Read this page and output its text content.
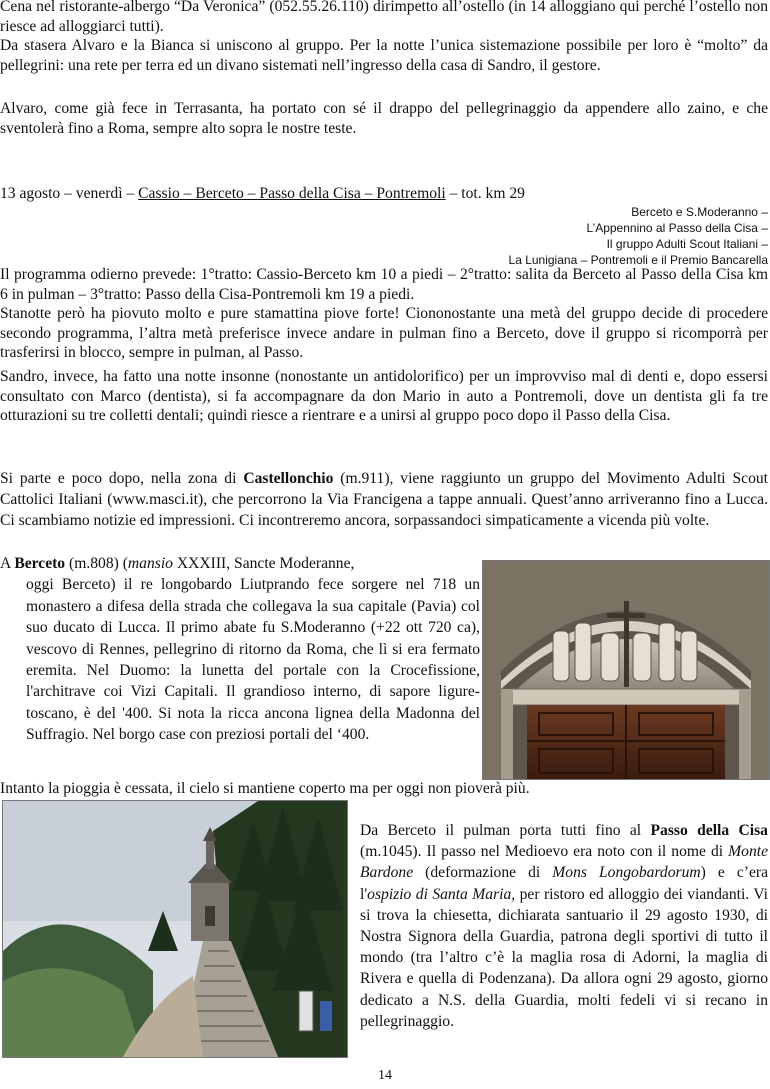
Cena nel ristorante-albergo “Da Veronica” (052.55.26.110) dirimpetto all’ostello (in 14 alloggiano qui perché l’ostello non riesce ad alloggiarci tutti).

Da stasera Alvaro e la Bianca si uniscono al gruppo. Per la notte l’unica sistemazione possibile per loro è “molto” da pellegrini: una rete per terra ed un divano sistemati nell’ingresso della casa di Sandro, il gestore.

Alvaro, come già fece in Terrasanta, ha portato con sé il drappo del pellegrinaggio da appendere allo zaino, e che sventolerà fino a Roma, sempre alto sopra le nostre teste.

13 agosto – venerdì – Cassio – Berceto – Passo della Cisa – Pontremoli – tot. km 29
Berceto e S.Moderanno –
L’Appennino al Passo della Cisa –
Il gruppo Adulti Scout Italiani –
La Lunigiana – Pontremoli e il Premio Bancarella

Il programma odierno prevede: 1°tratto: Cassio-Berceto km 10 a piedi – 2°tratto: salita da Berceto al Passo della Cisa km 6 in pulman – 3°tratto: Passo della Cisa-Pontremoli km 19 a piedi.

Stanotte però ha piovuto molto e pure stamattina piove forte! Ciononostante una metà del gruppo decide di procedere secondo programma, l’altra metà preferisce invece andare in pulman fino a Berceto, dove il gruppo si ricomporrà per trasferirsi in blocco, sempre in pulman, al Passo.

Sandro, invece, ha fatto una notte insonne (nonostante un antidolorifico) per un improvviso mal di denti e, dopo essersi consultato con Marco (dentista), si fa accompagnare da don Mario in auto a Pontremoli, dove un dentista gli fa tre otturazioni su tre colletti dentali; quindi riesce a rientrare e a unirsi al gruppo poco dopo il Passo della Cisa.

Si parte e poco dopo, nella zona di Castellonchio (m.911), viene raggiunto un gruppo del Movimento Adulti Scout Cattolici Italiani (www.masci.it), che percorrono la Via Francigena a tappe annuali. Quest’anno arriveranno fino a Lucca. Ci scambiamo notizie ed impressioni. Ci incontreremo ancora, sorpassandoci simpaticamente a vicenda più volte.

A Berceto (m.808) (mansio XXXIII, Sancte Moderanne,
oggi Berceto) il re longobardo Liutprando fece sorgere nel 718 un monastero a difesa della strada che collegava la sua capitale (Pavia) col suo ducato di Lucca. Il primo abate fu S.Moderanno (+22 ott 720 ca), vescovo di Rennes, pellegrino di ritorno da Roma, che lì si era fermato eremita. Nel Duomo: la lunetta del portale con la Crocefissione, l'architrave coi Vizi Capitali. Il grandioso interno, di sapore ligure-toscano, è del '400. Si nota la ricca ancona lignea della Madonna del Suffragio. Nel borgo case con preziosi portali del ‘400.

Intanto la pioggia è cessata, il cielo si mantiene coperto ma per oggi non pioverà più.

Da Berceto il pulman porta tutti fino al Passo della Cisa (m.1045). Il passo nel Medioevo era noto con il nome di Monte Bardone (deformazione di Mons Longobardorum) e c’era l'ospizio di Santa Maria, per ristoro ed alloggio dei viandanti. Vi si trova la chiesetta, dichiarata santuario il 29 agosto 1930, di Nostra Signora della Guardia, patrona degli sportivi di tutto il mondo (tra l’altro c’è la maglia rosa di Adorni, la maglia di Rivera e quella di Podenzana). Da allora ogni 29 agosto, giorno dedicato a N.S. della Guardia, molti fedeli vi si recano in pellegrinaggio.
14
